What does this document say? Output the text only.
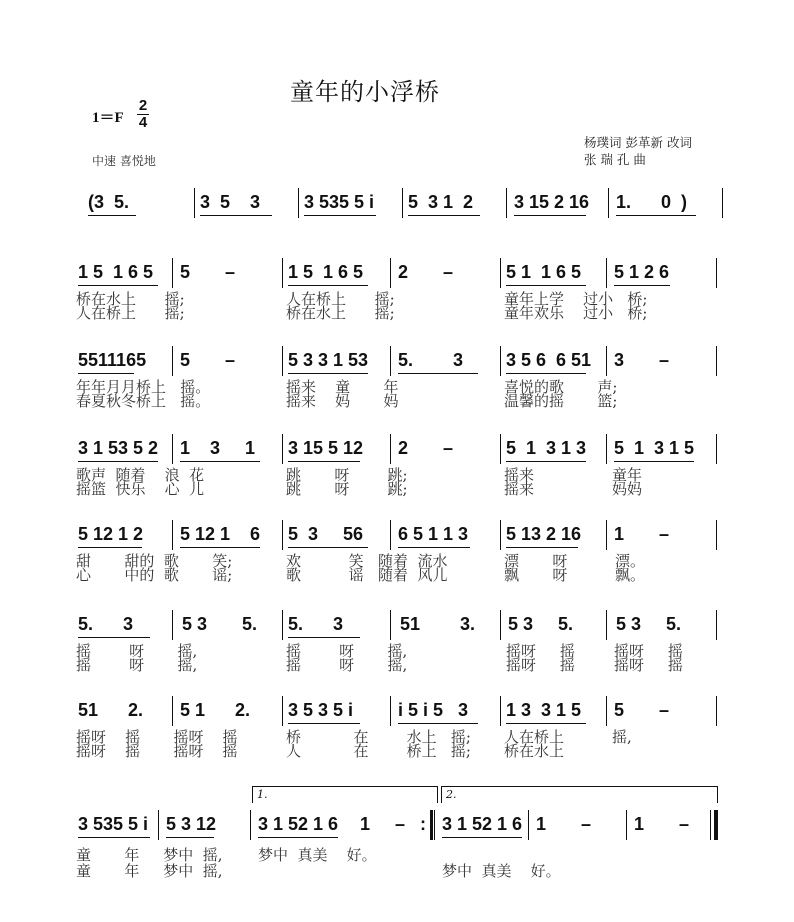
童年的小浮桥
1＝F
2
4
中速 喜悦地
杨璞词 彭革新 改词
张 瑞 孔 曲
(3  5.	3  5    3 3 535 5 i 5  3 1  2 3 15 2 16 1.      0  )
1 5  1 6 5 5       –	1 5  1 6 5 2       –	5 1  1 6 5 5 1 2 6
桥在水上      摇;	人在桥上      摇;	童年上学    过小   桥;
人在桥上      摇;	桥在水上      摇;	童年欢乐    过小   桥;
5511165 5       –	5 3 3 1 53 5.        3 3 5 6  6 51 3       –
年年月月桥上   摇。	摇来    童       年	喜悦的歌       声;
春夏秋冬桥上   摇。	摇来    妈       妈	温馨的摇       篮;
3 1 53 5 2 1    3     1 3 15 5 12 2       –	5  1  3 1 3 5  1  3 1 5
歌声  随着    浪  花	跳       呀        跳;	摇来	童年
摇篮  快乐    心  儿	跳       呀        跳;	摇来	妈妈
5 12 1 2 5 12 1    6 5  3     56 6 5 1 1 3 5 13 2 16 1       –
甜       甜的  歌       笑;	欢          笑   随着  流水	漂       呀          漂。
心       中的  歌       谣;	歌          谣   随着  风儿	飘       呀          飘。
5.      3	5 3       5. 5.      3	51        3. 5 3     5. 5 3     5.
摇        呀       摇,	摇        呀       摇,	摇呀     摇	摇呀     摇
摇        呀       摇,	摇        呀       摇,	摇呀     摇	摇呀     摇
51      2. 5 1      2. 3 5 3 5 i i 5 i 5   3 1 3  3 1 5 5       –
摇呀    摇       摇呀    摇	桥           在        水上   摇; 人在桥上	摇,
摇呀    摇       摇呀    摇	人           在        桥上   摇; 桥在水上
3 535 5 i 5 3 12 3 1 52 1 6 1     –   : 3 1 52 1 6 1       – 1       –
童       年     梦中  摇, 梦中  真美    好。
童       年     梦中  摇,	梦中  真美    好。
1.	2.
